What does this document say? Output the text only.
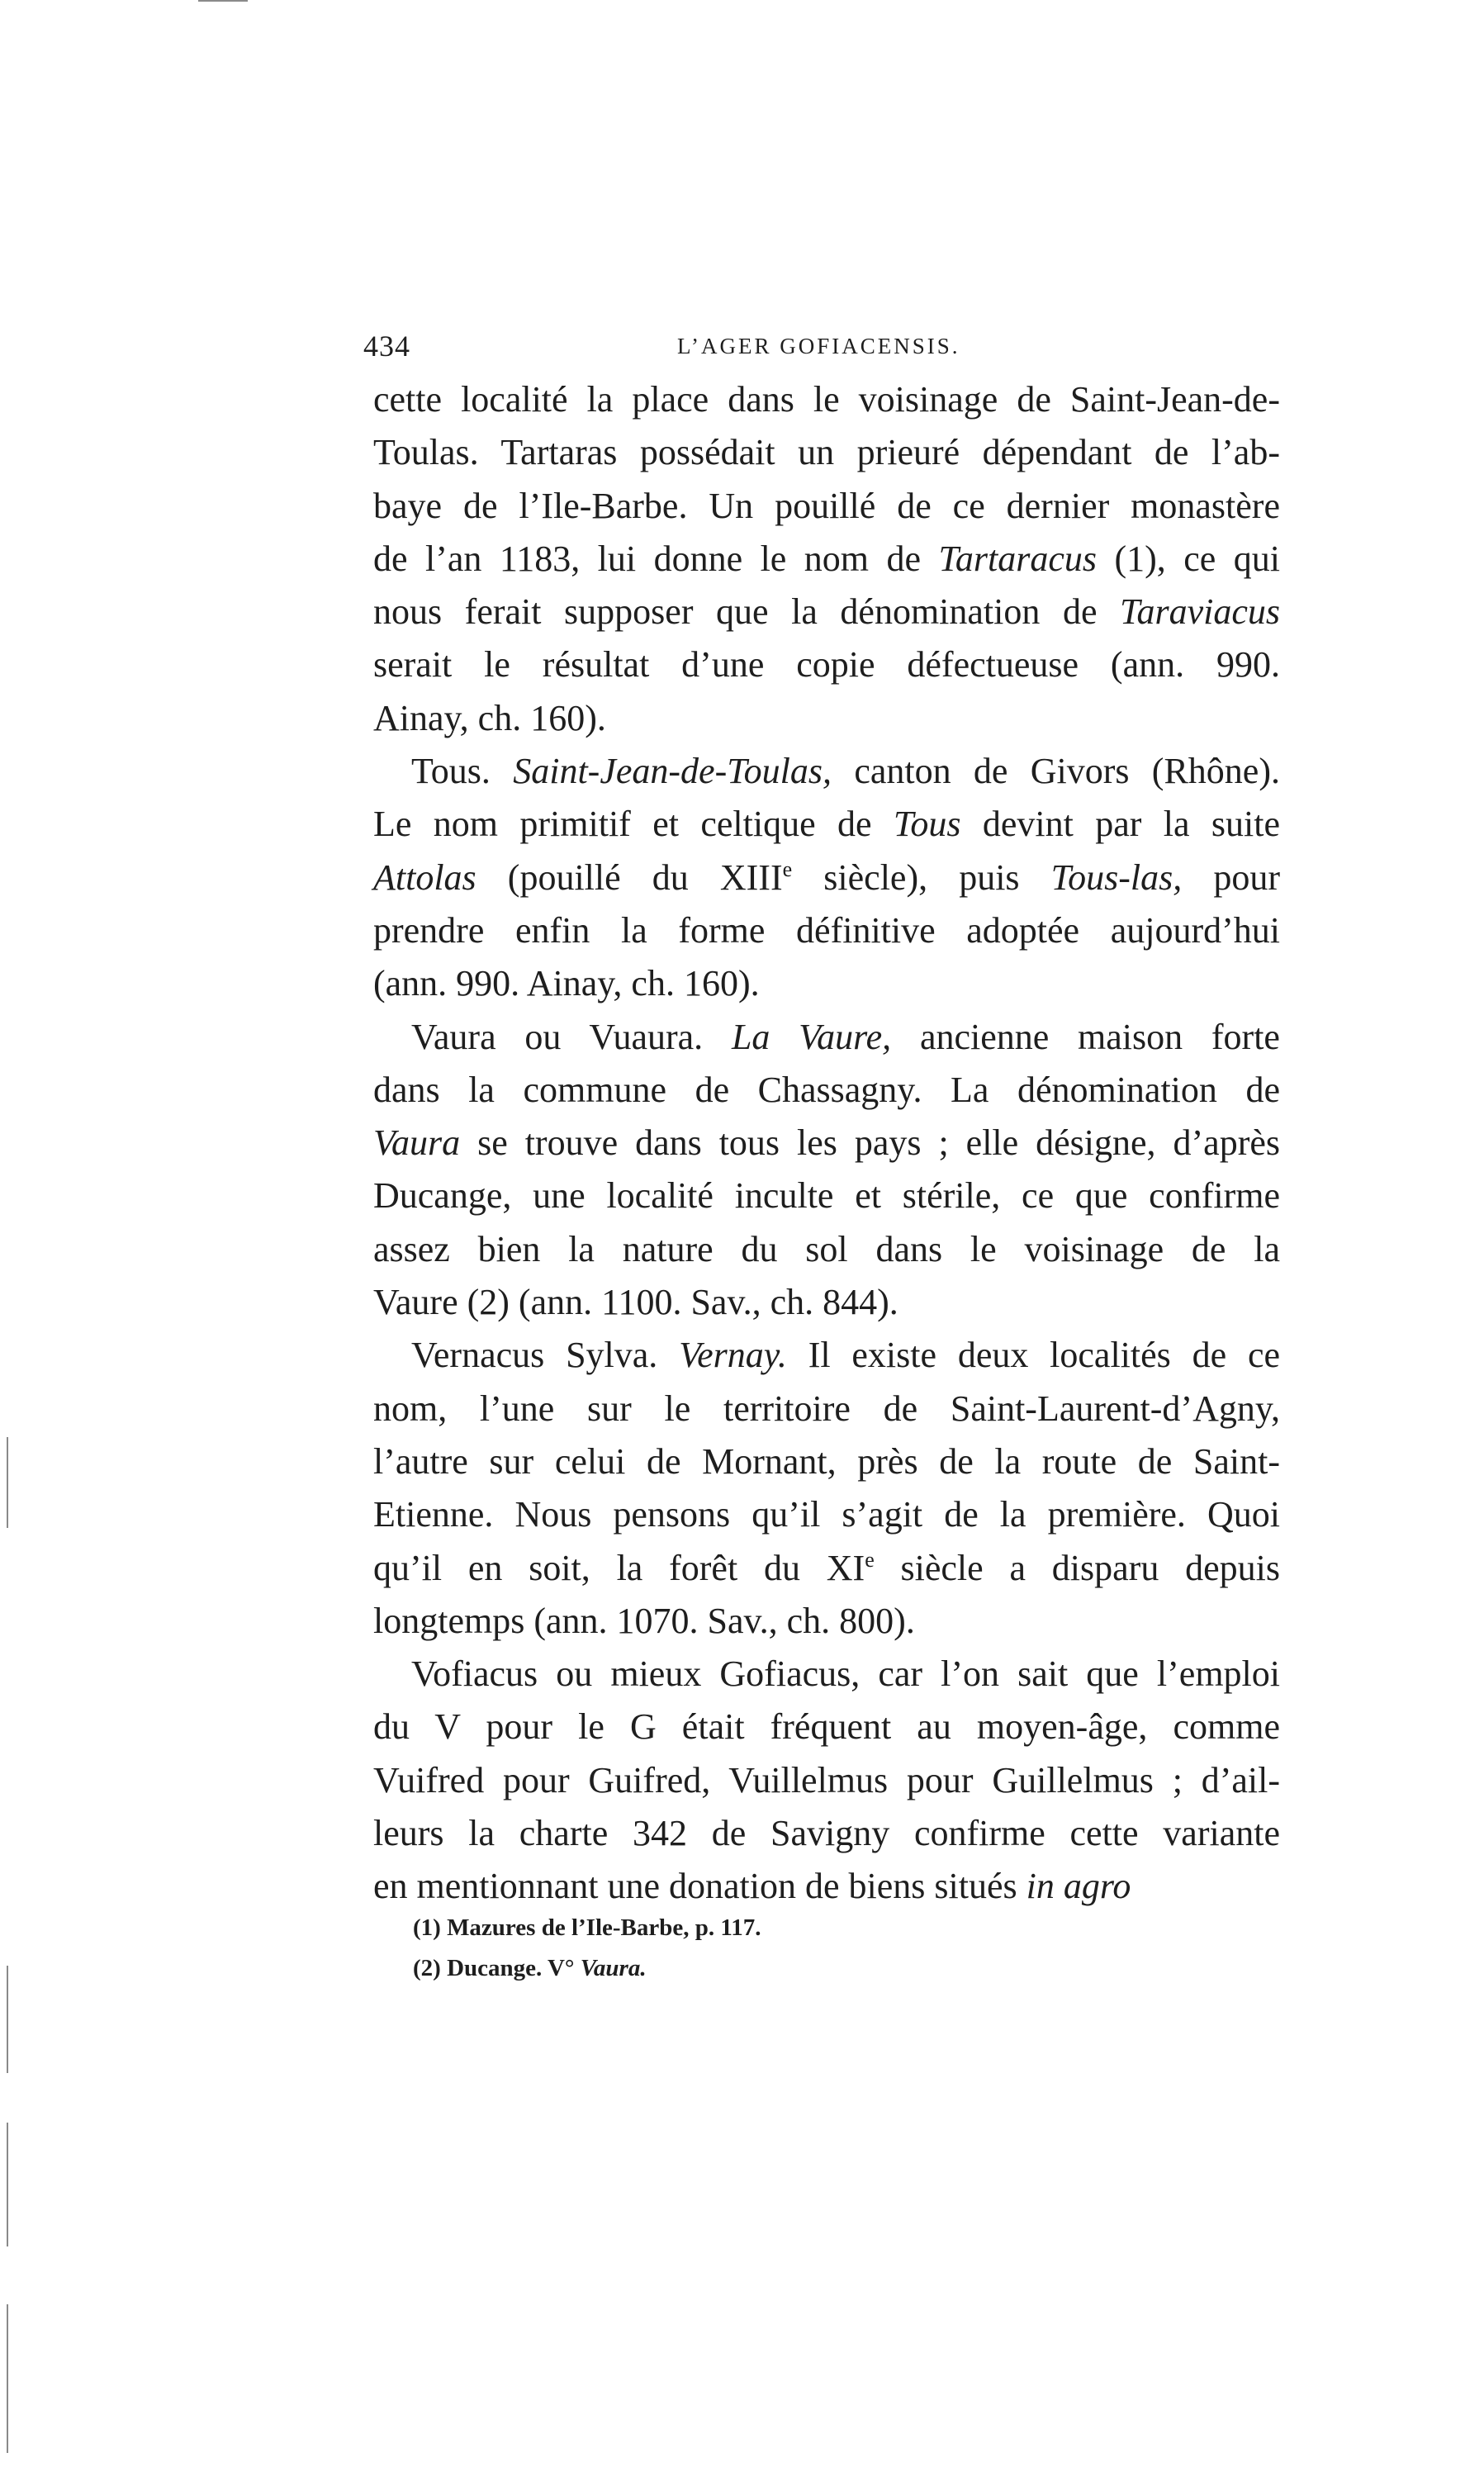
434	L’AGER GOFIACENSIS.
cette localité la place dans le voisinage de Saint-Jean-de-
Toulas. Tartaras possédait un prieuré dépendant de l’ab-
baye de l’Ile-Barbe. Un pouillé de ce dernier monastère
de l’an 1183, lui donne le nom de Tartaracus (1), ce qui
nous ferait supposer que la dénomination de Taraviacus
serait le résultat d’une copie défectueuse (ann. 990.
Ainay, ch. 160).
Tous. Saint-Jean-de-Toulas, canton de Givors (Rhône).
Le nom primitif et celtique de Tous devint par la suite
Attolas (pouillé du XIIIe siècle), puis Tous-las, pour
prendre enfin la forme définitive adoptée aujourd’hui
(ann. 990. Ainay, ch. 160).
Vaura ou Vuaura. La Vaure, ancienne maison forte
dans la commune de Chassagny. La dénomination de
Vaura se trouve dans tous les pays ; elle désigne, d’après
Ducange, une localité inculte et stérile, ce que confirme
assez bien la nature du sol dans le voisinage de la
Vaure (2) (ann. 1100. Sav., ch. 844).
Vernacus Sylva. Vernay. Il existe deux localités de ce
nom, l’une sur le territoire de Saint-Laurent-d’Agny,
l’autre sur celui de Mornant, près de la route de Saint-
Etienne. Nous pensons qu’il s’agit de la première. Quoi
qu’il en soit, la forêt du XIe siècle a disparu depuis
longtemps (ann. 1070. Sav., ch. 800).
Vofiacus ou mieux Gofiacus, car l’on sait que l’emploi
du V pour le G était fréquent au moyen-âge, comme
Vuifred pour Guifred, Vuillelmus pour Guillelmus ; d’ail-
leurs la charte 342 de Savigny confirme cette variante
en mentionnant une donation de biens situés in agro
(1) Mazures de l’Ile-Barbe, p. 117.
(2) Ducange. V° Vaura.
